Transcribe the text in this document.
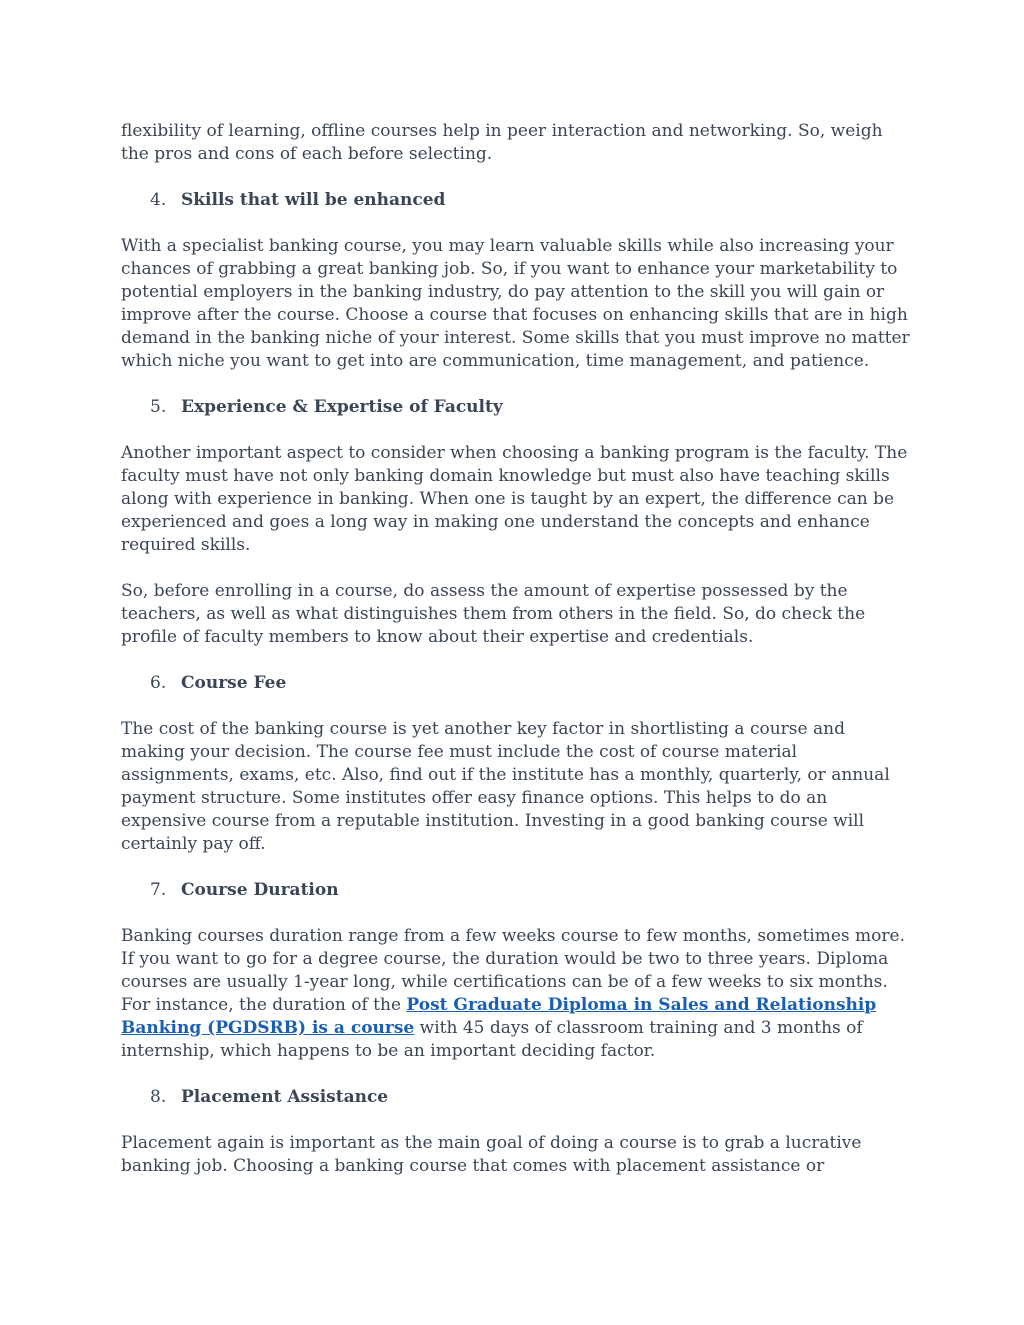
flexibility of learning, offline courses help in peer interaction and networking. So, weigh the pros and cons of each before selecting.

4. Skills that will be enhanced

With a specialist banking course, you may learn valuable skills while also increasing your chances of grabbing a great banking job. So, if you want to enhance your marketability to potential employers in the banking industry, do pay attention to the skill you will gain or improve after the course. Choose a course that focuses on enhancing skills that are in high demand in the banking niche of your interest. Some skills that you must improve no matter which niche you want to get into are communication, time management, and patience.

5. Experience & Expertise of Faculty

Another important aspect to consider when choosing a banking program is the faculty. The faculty must have not only banking domain knowledge but must also have teaching skills along with experience in banking. When one is taught by an expert, the difference can be experienced and goes a long way in making one understand the concepts and enhance required skills.

So, before enrolling in a course, do assess the amount of expertise possessed by the teachers, as well as what distinguishes them from others in the field. So, do check the profile of faculty members to know about their expertise and credentials.

6. Course Fee

The cost of the banking course is yet another key factor in shortlisting a course and making your decision. The course fee must include the cost of course material assignments, exams, etc. Also, find out if the institute has a monthly, quarterly, or annual payment structure. Some institutes offer easy finance options. This helps to do an expensive course from a reputable institution. Investing in a good banking course will certainly pay off.

7. Course Duration

Banking courses duration range from a few weeks course to few months, sometimes more. If you want to go for a degree course, the duration would be two to three years. Diploma courses are usually 1-year long, while certifications can be of a few weeks to six months. For instance, the duration of the Post Graduate Diploma in Sales and Relationship Banking (PGDSRB) is a course with 45 days of classroom training and 3 months of internship, which happens to be an important deciding factor.

8. Placement Assistance

Placement again is important as the main goal of doing a course is to grab a lucrative banking job. Choosing a banking course that comes with placement assistance or
